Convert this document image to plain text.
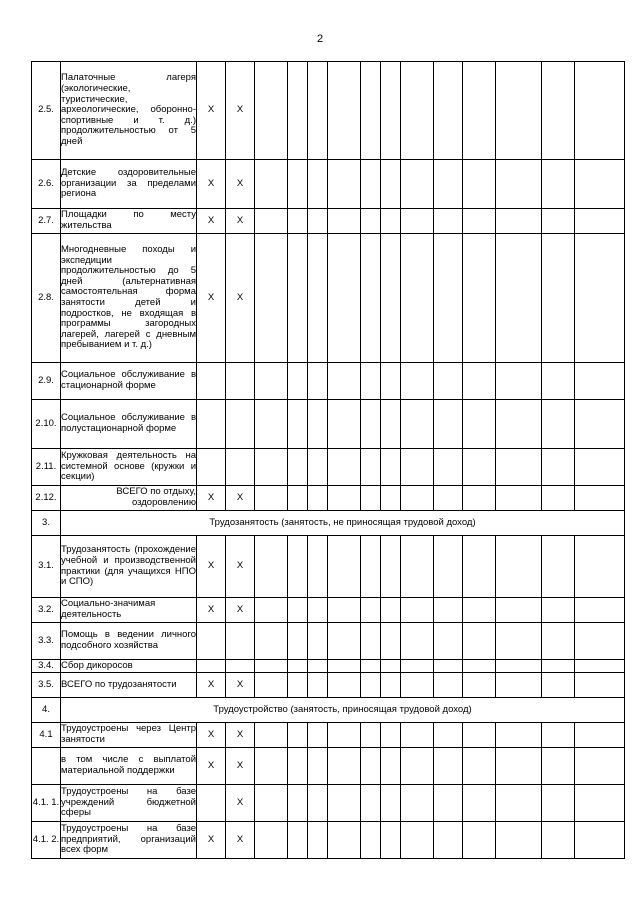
2
2.5.	Палаточные лагеря (экологические, туристические, археологические, оборонно-спортивные и т. д.) продолжительностью от 5 дней	X	X												
2.6.	Детские оздоровительные организации за пределами региона	X	X												
2.7.	Площадки по месту жительства	X	X												
2.8.	Многодневные походы и экспедиции продолжительностью до 5 дней (альтернативная самостоятельная форма занятости детей и подростков, не входящая в программы загородных лагерей, лагерей с дневным пребыванием и т. д.)	X	X												
2.9.	Социальное обслуживание в стационарной форме														
2.10.	Социальное обслуживание в полустационарной форме														
2.11.	Кружковая деятельность на системной основе (кружки и секции)														
2.12.	ВСЕГО по отдыху, оздоровлению	X	X												
3.	Трудозанятость (занятость, не приносящая трудовой доход)														
3.1.	Трудозанятость (прохождение учебной и производственной практики (для учащихся НПО и СПО)	X	X												
3.2.	Социально-значимая деятельность	X	X												
3.3.	Помощь в ведении личного подсобного хозяйства														
3.4.	Сбор дикоросов														
3.5.	ВСЕГО по трудозанятости	X	X												
4.	Трудоустройство (занятость, приносящая трудовой доход)														
4.1	Трудоустроены через Центр занятости	X	X												
	в том числе с выплатой материальной поддержки	X	X												
4.1. 1.	Трудоустроены на базе учреждений бюджетной сферы		X												
4.1. 2.	Трудоустроены на базе предприятий, организаций всех форм	X	X												
